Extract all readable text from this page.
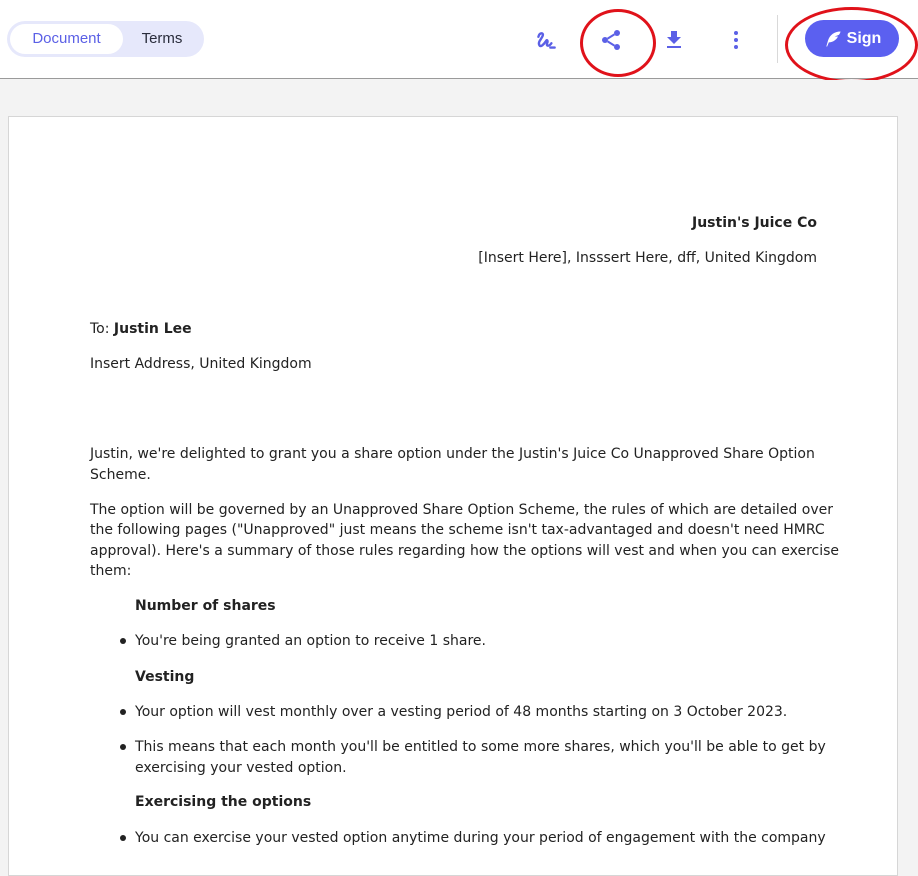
Document	Terms	Sign

Justin's Juice Co

[Insert Here], Insssert Here, dff, United Kingdom

To: Justin Lee

Insert Address, United Kingdom

Justin, we're delighted to grant you a share option under the Justin's Juice Co Unapproved Share Option

Scheme.

The option will be governed by an Unapproved Share Option Scheme, the rules of which are detailed over

the following pages ("Unapproved" just means the scheme isn't tax-advantaged and doesn't need HMRC

approval). Here's a summary of those rules regarding how the options will vest and when you can exercise

them:

Number of shares

You're being granted an option to receive 1 share.

Vesting

Your option will vest monthly over a vesting period of 48 months starting on 3 October 2023.

This means that each month you'll be entitled to some more shares, which you'll be able to get by

exercising your vested option.

Exercising the options

You can exercise your vested option anytime during your period of engagement with the company
